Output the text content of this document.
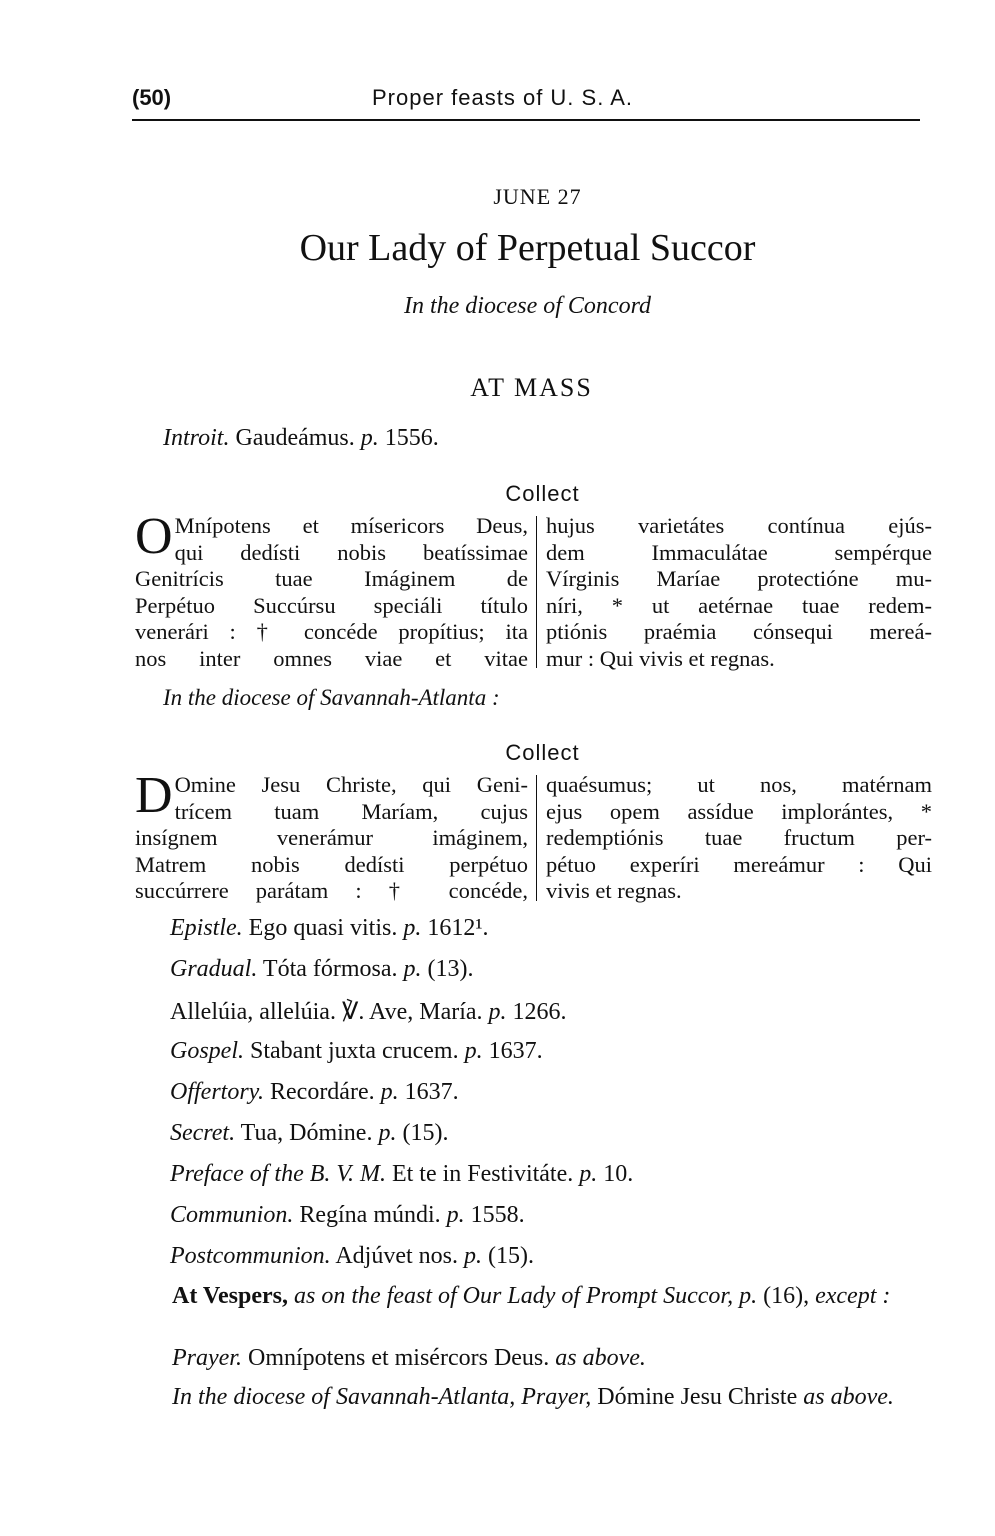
(50)	Proper feasts of U. S. A.
JUNE 27
Our Lady of Perpetual Succor
In the diocese of Concord
AT MASS
Introit. Gaudeámus. p. 1556.
Collect
O Mnípotens et mísericors Deus,
qui dedísti nobis beatíssimae
Genitrícis tuae Imáginem de
Perpétuo Succúrsu speciáli título
venerári : † concéde propítius; ita
nos inter omnes viae et vitae
hujus varietátes contínua ejús-
dem Immaculátae sempérque
Vírginis Maríae protectióne mu-
níri, * ut aetérnae tuae redem-
ptiónis praémia cónsequi mereá-
mur : Qui vivis et regnas.
In the diocese of Savannah-Atlanta :
Collect
D Omine Jesu Christe, qui Geni-
trícem tuam Maríam, cujus
insígnem venerámur imáginem,
Matrem nobis dedísti perpétuo
succúrrere parátam : † concéde,
quaésumus; ut nos, matérnam
ejus opem assídue implorántes, *
redemptiónis tuae fructum per-
pétuo experíri mereámur : Qui
vivis et regnas.
Epistle. Ego quasi vitis. p. 1612¹.
Gradual. Tóta fórmosa. p. (13).
Allelúia, allelúia. ℣. Ave, María. p. 1266.
Gospel. Stabant juxta crucem. p. 1637.
Offertory. Recordáre. p. 1637.
Secret. Tua, Dómine. p. (15).
Preface of the B. V. M. Et te in Festivitáte. p. 10.
Communion. Regína múndi. p. 1558.
Postcommunion. Adjúvet nos. p. (15).
At Vespers, as on the feast of Our Lady of Prompt Succor, p. (16), except :
Prayer. Omnípotens et misércors Deus. as above.
In the diocese of Savannah-Atlanta, Prayer, Dómine Jesu Christe as above.
